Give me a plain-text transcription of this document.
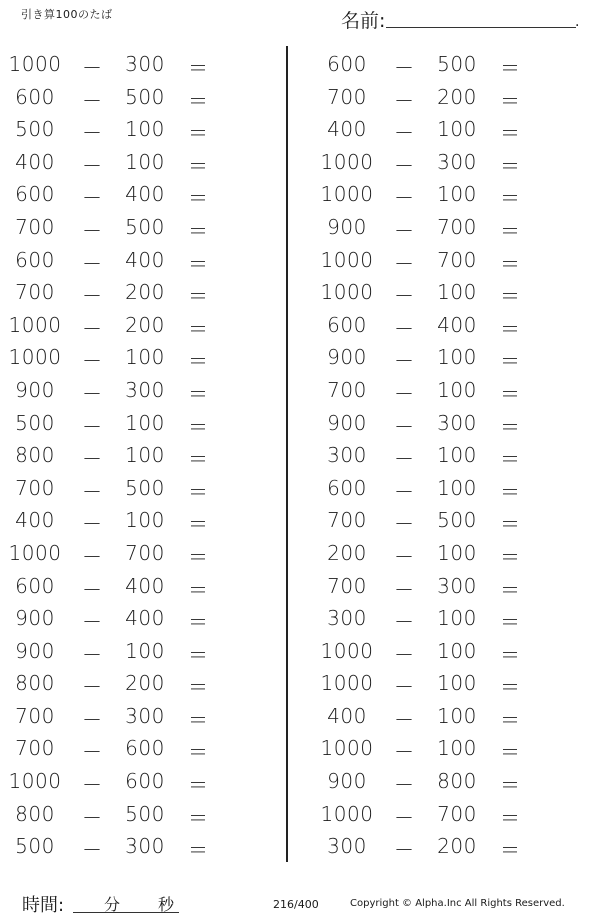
引き算100のたば	名前:	.
1000	－	300	＝
600	－	500	＝
500	－	100	＝
400	－	100	＝
600	－	400	＝
700	－	500	＝
600	－	400	＝
700	－	200	＝
1000	－	200	＝
1000	－	100	＝
900	－	300	＝
500	－	100	＝
800	－	100	＝
700	－	500	＝
400	－	100	＝
1000	－	700	＝
600	－	400	＝
900	－	400	＝
900	－	100	＝
800	－	200	＝
700	－	300	＝
700	－	600	＝
1000	－	600	＝
800	－	500	＝
500	－	300	＝
600	－	500	＝
700	－	200	＝
400	－	100	＝
1000	－	300	＝
1000	－	100	＝
900	－	700	＝
1000	－	700	＝
1000	－	100	＝
600	－	400	＝
900	－	100	＝
700	－	100	＝
900	－	300	＝
300	－	100	＝
600	－	100	＝
700	－	500	＝
200	－	100	＝
700	－	300	＝
300	－	100	＝
1000	－	100	＝
1000	－	100	＝
400	－	100	＝
1000	－	100	＝
900	－	800	＝
1000	－	700	＝
300	－	200	＝
時間: 分 秒	216/400	Copyright © Alpha.Inc All Rights Reserved.
